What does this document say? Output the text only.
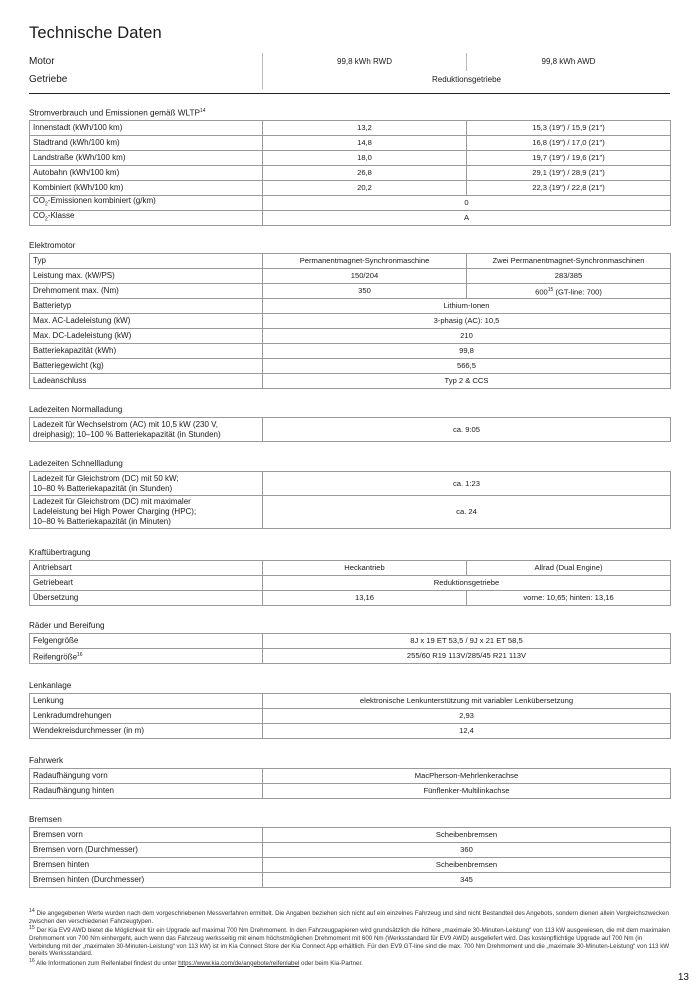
Technische Daten
Motor	99,8 kWh RWD	99,8 kWh AWD
Getriebe	Reduktionsgetriebe
Stromverbrauch und Emissionen gemäß WLTP$^{14}$
Innenstadt (kWh/100 km)	13,2	15,3 (19") / 15,9 (21")
Stadtrand (kWh/100 km)	14,8	16,8 (19") / 17,0 (21")
Landstraße (kWh/100 km)	18,0	19,7 (19") / 19,6 (21")
Autobahn (kWh/100 km)	26,8	29,1 (19") / 28,9 (21")
Kombiniert (kWh/100 km)	20,2	22,3 (19") / 22,8 (21")
$CO_2$-Emissionen kombiniert (g/km)	0	
$CO_2$-Klasse	A	
Elektromotor
Typ	Permanentmagnet-Synchronmaschine	Zwei Permanentmagnet-Synchronmaschinen
Leistung max. (kW/PS)	150/204	283/385
Drehmoment max. (Nm)	350	$600^{15}$ (GT-line: 700)
Batterietyp	Lithium-Ionen	
Max. AC-Ladeleistung (kW)	3-phasig (AC): 10,5	
Max. DC-Ladeleistung (kW)	210	
Batteriekapazität (kWh)	99,8	
Batteriegewicht (kg)	566,5	
Ladeanschluss	Typ 2 & CCS	
Ladezeiten Normalladung
Ladezeit für Wechselstrom (AC) mit 10,5 kW (230 V,
dreiphasig); 10–100 % Batteriekapazität (in Stunden)	ca. 9:05
Ladezeiten Schnellladung
Ladezeit für Gleichstrom (DC) mit 50 kW;
10–80 % Batteriekapazität (in Stunden)	ca. 1:23
Ladezeit für Gleichstrom (DC) mit maximaler
Ladeleistung bei High Power Charging (HPC);
10–80 % Batteriekapazität (in Minuten)	ca. 24
Kraftübertragung
Antriebsart	Heckantrieb	Allrad (Dual Engine)
Getriebeart	Reduktionsgetriebe	
Übersetzung	13,16	vorne: 10,65; hinten: 13,16
Räder und Bereifung
Felgengröße	8J x 19 ET 53,5 / 9J x 21 ET 58,5
Reifengröße$^{16}$	255/60 R19 113V/285/45 R21 113V
Lenkanlage
Lenkung	elektronische Lenkunterstützung mit variabler Lenkübersetzung
Lenkradumdrehungen	2,93
Wendekreisdurchmesser (in m)	12,4
Fahrwerk
Radaufhängung vorn	MacPherson-Mehrlenkerachse
Radaufhängung hinten	Fünflenker-Multilinkachse
Bremsen
Bremsen vorn	Scheibenbremsen
Bremsen vorn (Durchmesser)	360
Bremsen hinten	Scheibenbremsen
Bremsen hinten (Durchmesser)	345

$^{14}$ Die angegebenen Werte wurden nach dem vorgeschriebenen Messverfahren ermittelt. Die Angaben beziehen sich nicht auf ein einzelnes Fahrzeug und sind nicht Bestandteil des Angebots, sondern dienen allein Vergleichszwecken zwischen den verschiedenen Fahrzeugtypen.

$^{15}$ Der Kia EV9 AWD bietet die Möglichkeit für ein Upgrade auf maximal 700 Nm Drehmoment. In den Fahrzeugpapieren wird grundsätzlich die höhere „maximale 30-Minuten-Leistung“ von 113 kW ausgewiesen, die mit dem maximalen Drehmoment von 700 Nm einhergeht, auch wenn das Fahrzeug werksseitig mit einem höchstmöglichen Drehmoment mit 600 Nm (Werksstandard für EV9 AWD) ausgeliefert wird. Das kostenpflichtige Upgrade auf 700 Nm (in Verbindung mit der „maximalen 30-Minuten-Leistung“ von 113 kW) ist im Kia Connect Store der Kia Connect App erhältlich. Für den EV9 GT-line sind die max. 700 Nm Drehmoment und die „maximale 30-Minuten-Leistung“ von 113 kW bereits Werksstandard.

$^{16}$ Alle Informationen zum Reifenlabel findest du unter https://www.kia.com/de/angebote/reifenlabel oder beim Kia-Partner.

13
